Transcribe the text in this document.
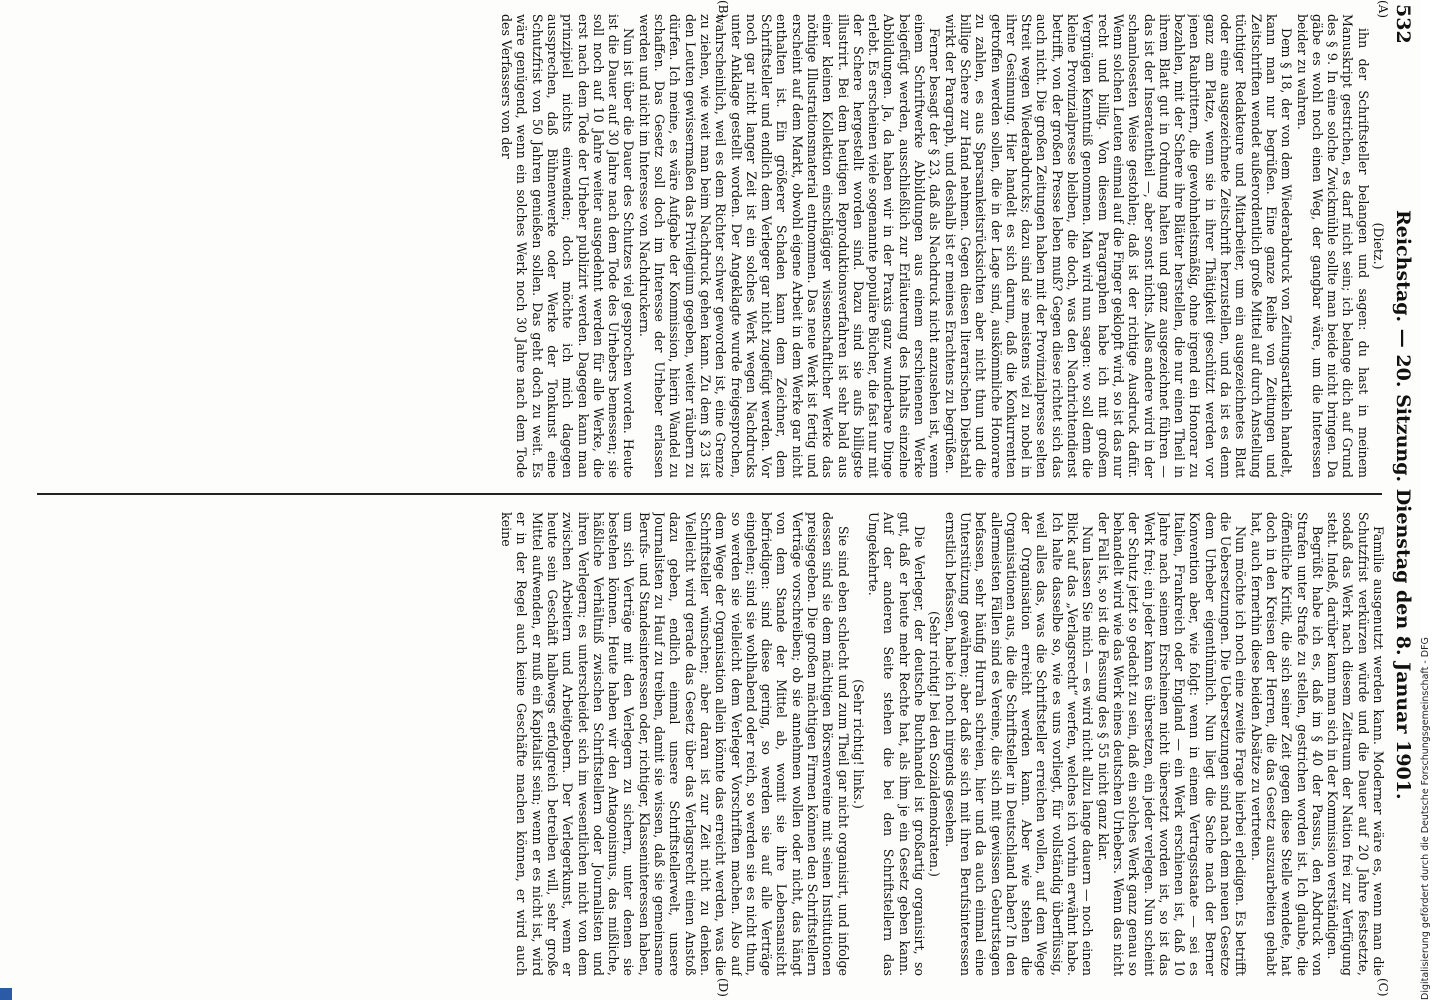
532
Reichstag. — 20. Sitzung. Dienstag den 8. Januar 1901.
(A)
(B)
(C)
(D)

(Dietz.)

ihn der Schriftsteller belangen und sagen: du hast in meinem Manuskript gestrichen, es darf nicht sein; ich belange dich auf Grund des § 9. In eine solche Zwickmühle sollte man beide nicht bringen. Da gäbe es wohl noch einen Weg, der gangbar wäre, um die Interessen beider zu wahren.

Dem § 18, der von dem Wiederabdruck von Zeitungsartikeln handelt, kann man nur begrüßen. Eine ganze Reihe von Zeitungen und Zeitschriften wendet außerordentlich große Mittel auf durch Anstellung tüchtiger Redakteure und Mitarbeiter, um ein ausgezeichnetes Blatt oder eine ausgezeichnete Zeitschrift herzustellen, und da ist es denn ganz am Platze, wenn sie in ihrer Thätigkeit geschützt werden vor jenen Raubrittern, die gewohnheitsmäßig, ohne irgend ein Honorar zu bezahlen, mit der Schere ihre Blätter herstellen, die nur einen Theil in ihrem Blatt gut in Ordnung halten und ganz ausgezeichnet führen — das ist der Inseratentheil —, aber sonst nichts. Alles andere wird in der schamlosesten Weise gestohlen; daß ist der richtige Ausdruck dafür. Wenn solchen Leuten einmal auf die Finger geklopft wird, so ist das nur recht und billig. Von diesem Paragraphen habe ich mit großem Vergnügen Kenntniß genommen. Man wird nun sagen: wo soll denn die kleine Provinzialpresse bleiben, die doch, was den Nachrichtendienst betrifft, von der großen Presse leben muß? Gegen diese richtet sich das auch nicht. Die großen Zeitungen haben mit der Provinzialpresse selten Streit wegen Wiederabdrucks; dazu sind sie meistens viel zu nobel in ihrer Gesinnung. Hier handelt es sich darum, daß die Konkurrenten getroffen werden sollen, die in der Lage sind, auskömmliche Honorare zu zahlen, es aus Sparsamkeitsrücksichten aber nicht thun und die billige Schere zur Hand nehmen. Gegen diesen literarischen Diebstahl wirkt der Paragraph, und deshalb ist er meines Erachtens zu begrüßen.

Ferner besagt der § 23, daß als Nachdruck nicht anzusehen ist, wenn einem Schriftwerke Abbildungen aus einem erschienenen Werke beigefügt werden, ausschließlich zur Erläuterung des Inhalts einzelne Abbildungen. Ja, da haben wir in der Praxis ganz wunderbare Dinge erlebt. Es erscheinen viele sogenannte populäre Bücher, die fast nur mit der Schere hergestellt worden sind. Dazu sind sie aufs billigste illustrirt. Bei dem heutigen Reproduktionsverfahren ist sehr bald aus einer kleinen Kollektion einschlägiger wissenschaftlicher Werke das nöthige Illustrationsmaterial entnommen. Das neue Werk ist fertig und erscheint auf dem Markt, obwohl eigene Arbeit in dem Werke gar nicht enthalten ist. Ein größerer Schaden kann dem Zeichner, dem Schriftsteller und endlich dem Verleger gar nicht zugefügt werden. Vor noch gar nicht langer Zeit ist ein solches Werk wegen Nachdrucks unter Anklage gestellt worden. Der Angeklagte wurde freigesprochen, wahrscheinlich, weil es dem Richter schwer geworden ist, eine Grenze zu ziehen, wie weit man beim Nachdruck gehen kann. Zu dem § 23 ist den Leuten gewissermaßen das Privilegium gegeben, weiter räubern zu dürfen. Ich meine, es wäre Aufgabe der Kommission, hierin Wandel zu schaffen. Das Gesetz soll doch im Interesse der Urheber erlassen werden und nicht im Interesse von Nachdruckern.

Nun ist über die Dauer des Schutzes viel gesprochen worden. Heute ist die Dauer auf 30 Jahre nach dem Tode des Urhebers bemessen; sie soll noch auf 10 Jahre weiter ausgedehnt werden für alle Werke, die erst nach dem Tode der Urheber publizirt werden. Dagegen kann man prinzipiell nichts einwenden; doch möchte ich mich dagegen aussprechen, daß Bühnenwerke oder Werke der Tonkunst eine Schutzfrist von 50 Jahren genießen sollen. Das geht doch zu weit. Es wäre genügend, wenn ein solches Werk noch 30 Jahre nach dem Tode des Verfassers von der

Familie ausgenutzt werden kann. Moderner wäre es, wenn man die Schutzfrist verkürzen würde und die Dauer auf 20 Jahre festsetzte, sodaß das Werk nach diesem Zeitraum der Nation frei zur Verfügung steht. Indeß, darüber kann man sich in der Kommission verständigen.

Begrüßt habe ich es, daß im § 40 der Passus, den Abdruck von Strafen unter Strafe zu stellen, gestrichen worden ist. Ich glaube, die öffentliche Kritik, die sich seiner Zeit gegen diese Stelle wendete, hat doch in den Kreisen der Herren, die das Gesetz auszuarbeiten gehabt hat, auch fernerhin diese beiden Absätze zu vertreten.

Nun möchte ich noch eine zweite Frage hierbei erledigen. Es betrifft die Uebersetzungen. Die Uebersetzungen sind nach dem neuen Gesetze dem Urheber eigenthümlich. Nun liegt die Sache nach der Berner Konvention aber, wie folgt: wenn in einem Vertragsstaate — sei es Italien, Frankreich oder England — ein Werk erschienen ist, daß 10 Jahre nach seinem Erscheinen nicht übersetzt worden ist, so ist das Werk frei; ein jeder kann es übersetzen, ein jeder verlegen. Nun scheint der Schutz jetzt so gedacht zu sein, daß ein solches Werk ganz genau so behandelt wird wie das Werk eines deutschen Urhebers. Wenn das nicht der Fall ist, so ist die Fassung des § 55 nicht ganz klar.

Nun lassen Sie mich — es wird nicht allzu lange dauern — noch einen Blick auf das „Verlagsrecht“ werfen, welches ich vorhin erwähnt habe. Ich halte dasselbe so, wie es uns vorliegt, für vollständig überflüssig, weil alles das, was die Schriftsteller erreichen wollen, auf dem Wege der Organisation erreicht werden kann. Aber wie stehen die Organisationen aus, die die Schriftsteller in Deutschland haben? In den allermeisten Fällen sind es Vereine, die sich mit gewissen Geburtstagen befassen, sehr häufig Hurrah schreien, hier und da auch einmal eine Unterstützung gewähren; aber daß sie sich mit ihren Berufsinteressen ernstlich befassen, habe ich noch nirgends gesehen.

(Sehr richtig! bei den Sozialdemokraten.)

Die Verleger, der deutsche Buchhandel ist großartig organisirt, so gut, daß er heute mehr Rechte hat, als ihm je ein Gesetz geben kann. Auf der anderen Seite stehen die bei den Schriftstellern das Umgekehrte.

(Sehr richtig! links.)

Sie sind eben schlecht und zum Theil gar nicht organisirt, und infolge dessen sind sie dem mächtigen Börsenvereine mit seinen Institutionen preisgegeben. Die großen mächtigen Firmen können den Schriftstellern Verträge vorschreiben; ob sie annehmen wollen oder nicht, das hängt von dem Stande der Mittel ab, womit sie ihre Lebensansicht befriedigen: sind diese gering, so werden sie auf alle Verträge eingehen; sind sie wohlhabend oder reich, so werden sie es nicht thun, so werden sie vielleicht dem Verleger Vorschriften machen. Also auf dem Wege der Organisation allein könnte das erreicht werden, was die Schriftsteller wünschen; aber daran ist zur Zeit nicht zu denken. Vielleicht wird gerade das Gesetz über das Verlagsrecht einen Anstoß dazu geben, endlich einmal unsere Schriftstellerwelt, unsere Journalisten zu Hauf zu treiben, damit sie wissen, daß sie gemeinsame Berufs- und Standesinteressen oder, richtiger, Klasseninteressen haben, um sich Verträge mit den Verlegern zu sichern, unter denen sie bestehen können. Heute haben wir den Antagonismus, das mißliche, häßliche Verhältniß zwischen Schriftstellern oder Journalisten und ihren Verlegern; es unterscheidet sich im wesentlichen nicht von dem zwischen Arbeitern und Arbeitgebern. Der Verlegerkunst, wenn er heute sein Geschäft halbwegs erfolgreich betreiben will, sehr große Mittel aufwenden, er muß ein Kapitalist sein; wenn er es nicht ist, wird er in der Regel auch keine Geschäfte machen können, er wird auch keine

Digitalisierung gefördert durch die Deutsche Forschungsgemeinschaft - DFG
